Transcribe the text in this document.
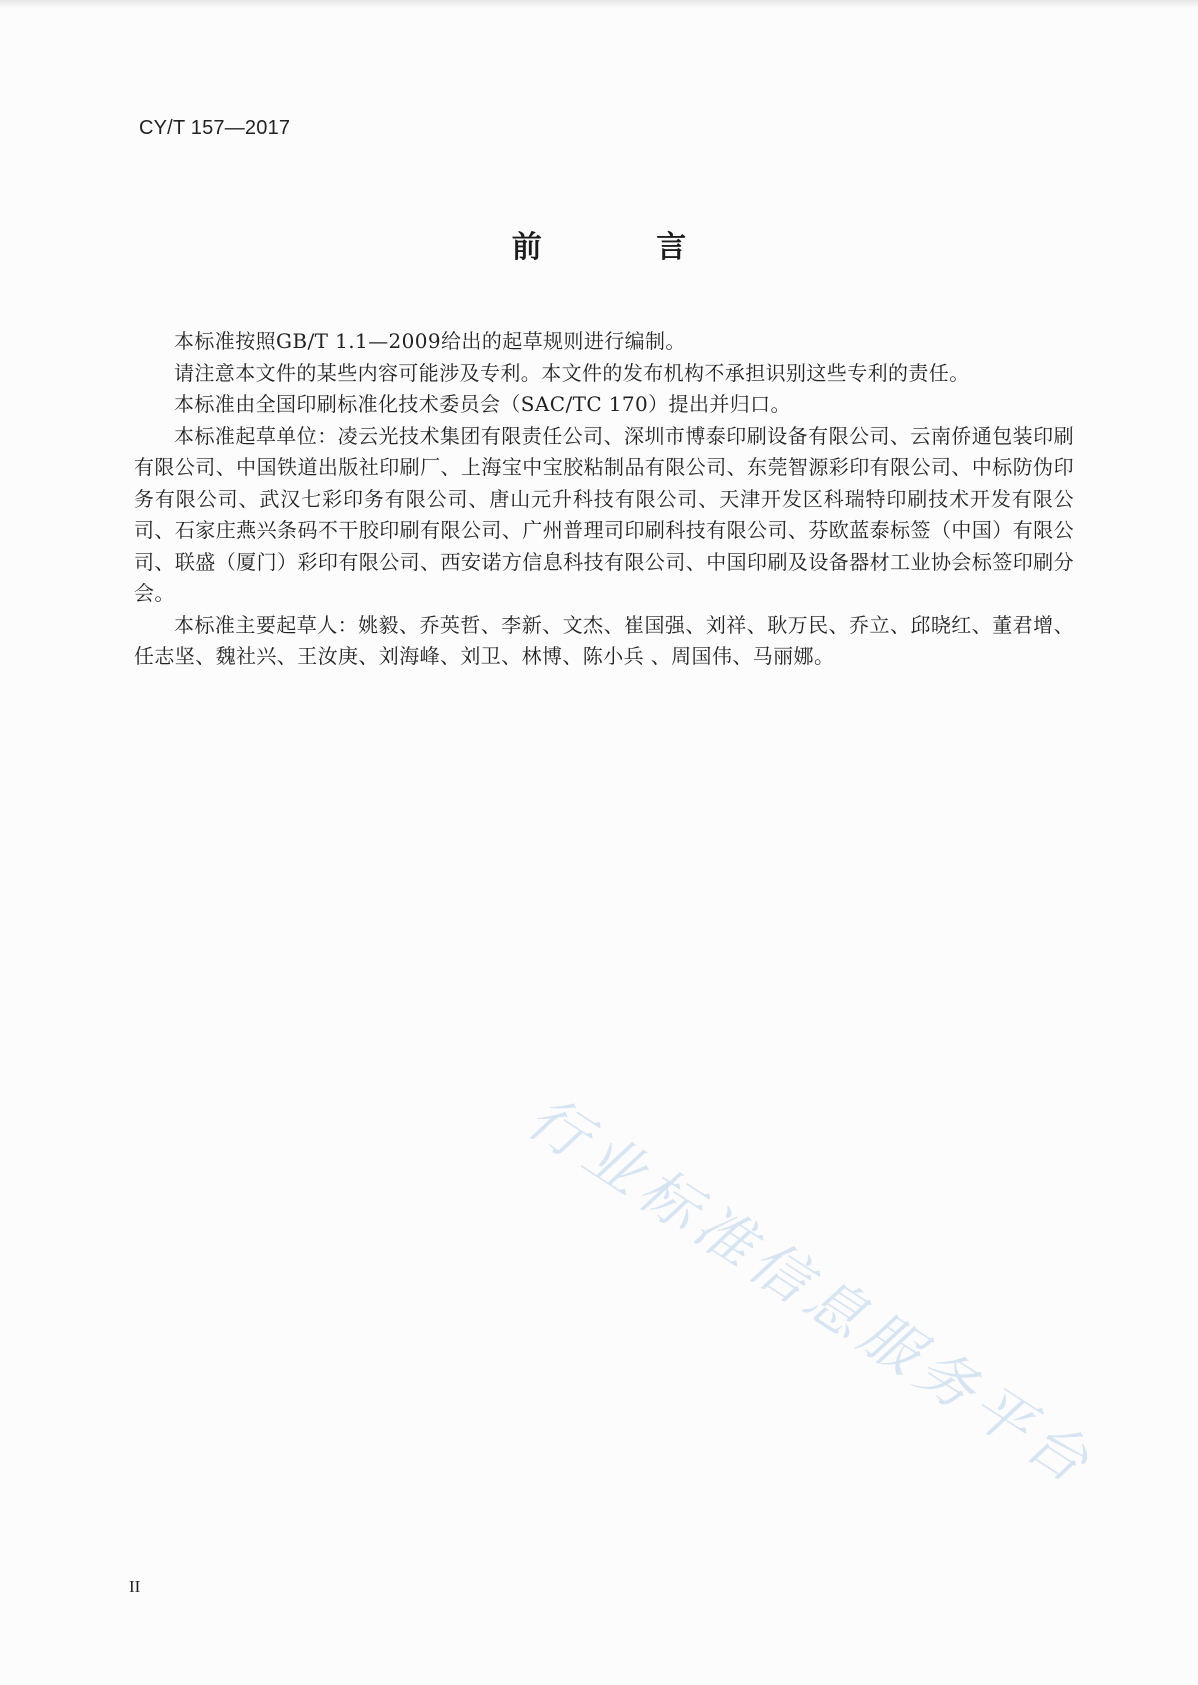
CY/T 157—2017
前 言

本标准按照GB/T 1.1—2009给出的起草规则进行编制。

请注意本文件的某些内容可能涉及专利。本文件的发布机构不承担识别这些专利的责任。

本标准由全国印刷标准化技术委员会（SAC/TC 170）提出并归口。

本标准起草单位：凌云光技术集团有限责任公司、深圳市博泰印刷设备有限公司、云南侨通包装印刷有限公司、中国铁道出版社印刷厂、上海宝中宝胶粘制品有限公司、东莞智源彩印有限公司、中标防伪印务有限公司、武汉七彩印务有限公司、唐山元升科技有限公司、天津开发区科瑞特印刷技术开发有限公司、石家庄燕兴条码不干胶印刷有限公司、广州普理司印刷科技有限公司、芬欧蓝泰标签（中国）有限公司、联盛（厦门）彩印有限公司、西安诺方信息科技有限公司、中国印刷及设备器材工业协会标签印刷分会。

本标准主要起草人：姚毅、乔英哲、李新、文杰、崔国强、刘祥、耿万民、乔立、邱晓红、董君增、任志坚、魏社兴、王汝庚、刘海峰、刘卫、林博、陈小兵 、周国伟、马丽娜。

行业标准信息服务平台
II
